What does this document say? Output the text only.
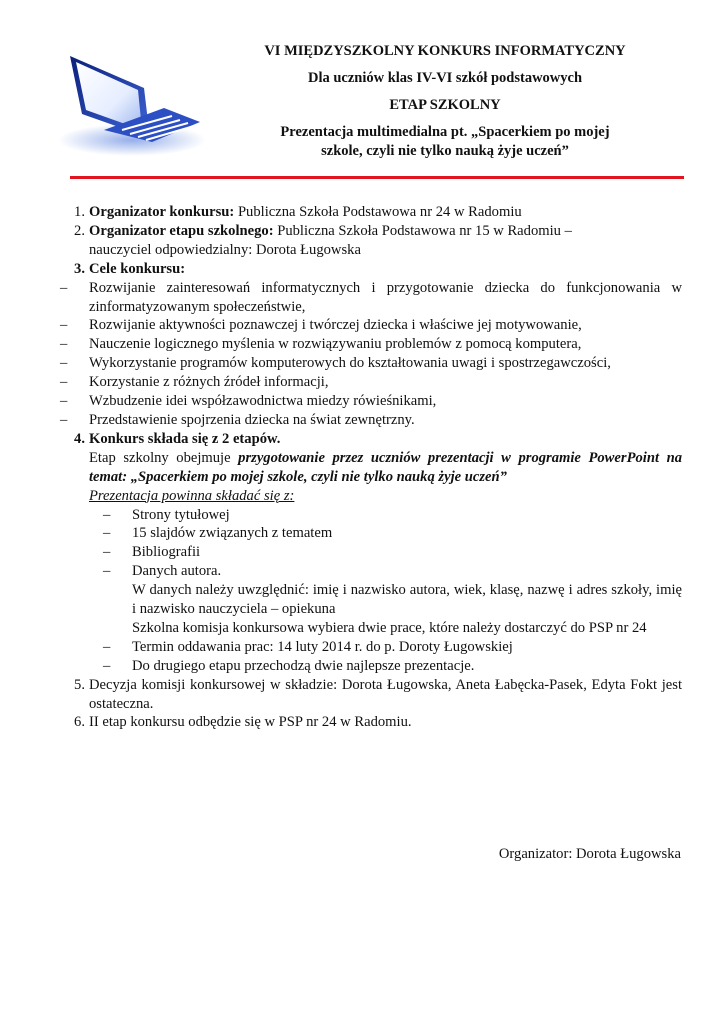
VI MIĘDZYSZKOLNY KONKURS INFORMATYCZNY
Dla uczniów klas IV-VI szkół podstawowych
ETAP SZKOLNY
Prezentacja multimedialna pt. „Spacerkiem po mojej
szkole, czyli nie tylko nauką żyje uczeń”
1. Organizator konkursu: Publiczna Szkoła Podstawowa nr 24 w Radomiu
2. Organizator etapu szkolnego: Publiczna Szkoła Podstawowa nr 15 w Radomiu –
nauczyciel odpowiedzialny: Dorota Ługowska
3. Cele konkursu:
–	Rozwijanie zainteresowań informatycznych i przygotowanie dziecka do funkcjonowania w zinformatyzowanym społeczeństwie,
–	Rozwijanie aktywności poznawczej i twórczej dziecka i właściwe jej motywowanie,
–	Nauczenie logicznego myślenia w rozwiązywaniu problemów z pomocą komputera,
–	Wykorzystanie programów komputerowych do kształtowania uwagi i spostrzegawczości,
–	Korzystanie z różnych źródeł informacji,
–	Wzbudzenie idei współzawodnictwa miedzy rówieśnikami,
–	Przedstawienie spojrzenia dziecka na świat zewnętrzny.
4. Konkurs składa się z 2 etapów.
Etap szkolny obejmuje przygotowanie przez uczniów prezentacji w programie PowerPoint na temat: „Spacerkiem po mojej szkole, czyli nie tylko nauką żyje uczeń”
Prezentacja powinna składać się z:
–	Strony tytułowej
–	15 slajdów związanych z tematem
–	Bibliografii
–	Danych autora.
W danych należy uwzględnić: imię i nazwisko autora, wiek, klasę, nazwę i adres szkoły, imię i nazwisko nauczyciela – opiekuna
Szkolna komisja konkursowa wybiera dwie prace, które należy dostarczyć do PSP nr 24
–	Termin oddawania prac: 14 luty 2014 r. do p. Doroty Ługowskiej
–	Do drugiego etapu przechodzą dwie najlepsze prezentacje.
5. Decyzja komisji konkursowej w składzie: Dorota Ługowska, Aneta Łabęcka-Pasek, Edyta Fokt jest ostateczna.
6. II etap konkursu odbędzie się w PSP nr 24 w Radomiu.
Organizator: Dorota Ługowska
